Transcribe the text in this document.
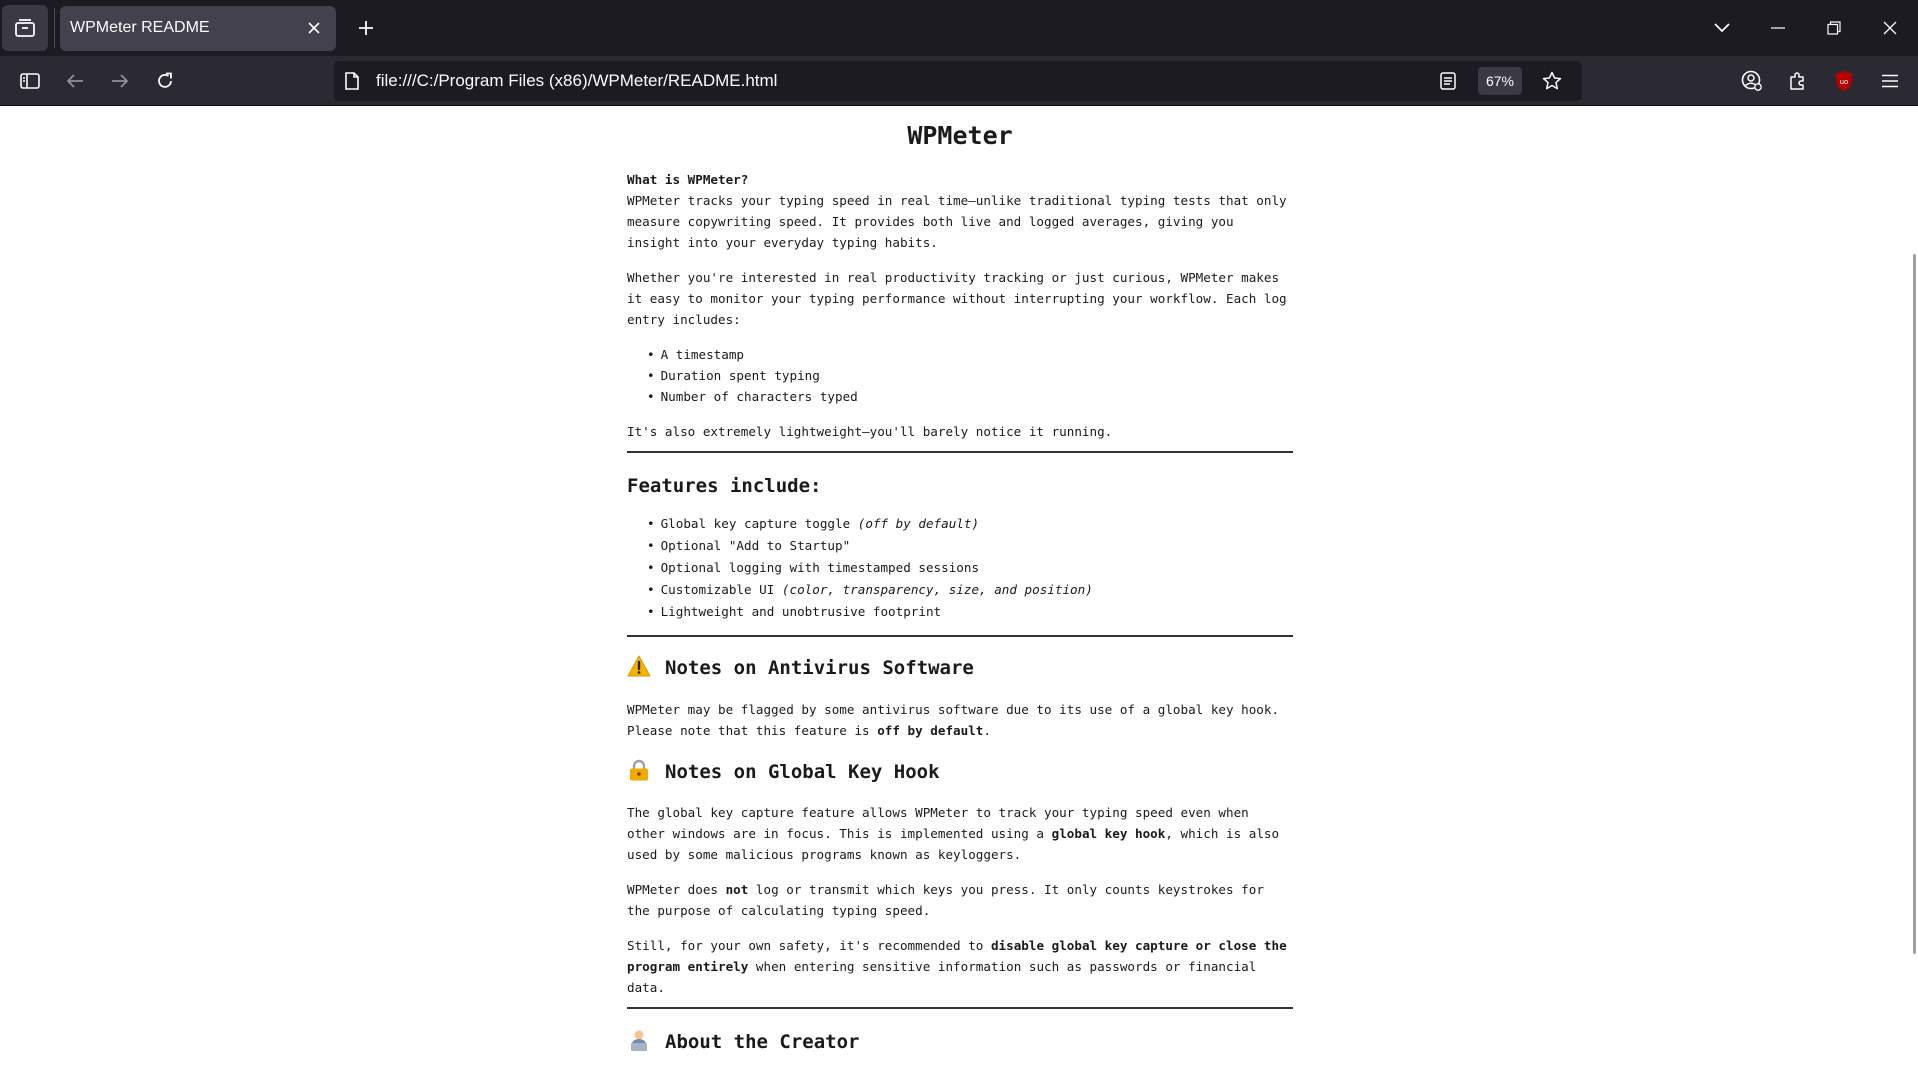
WPMeter README
file:///C:/Program Files (x86)/WPMeter/README.html	67%	uo
WPMeter

What is WPMeter?

WPMeter tracks your typing speed in real time—unlike traditional typing tests that only measure copywriting speed. It provides both live and logged averages, giving you insight into your everyday typing habits.

Whether you're interested in real productivity tracking or just curious, WPMeter makes it easy to monitor your typing performance without interrupting your workflow. Each log entry includes:

• A timestamp
• Duration spent typing
• Number of characters typed

It's also extremely lightweight—you'll barely notice it running.

Features include:
• Global key capture toggle (off by default)
• Optional "Add to Startup"
• Optional logging with timestamped sessions
• Customizable UI (color, transparency, size, and position)
• Lightweight and unobtrusive footprint
Notes on Antivirus Software

WPMeter may be flagged by some antivirus software due to its use of a global key hook. Please note that this feature is off by default.

Notes on Global Key Hook

The global key capture feature allows WPMeter to track your typing speed even when other windows are in focus. This is implemented using a global key hook, which is also used by some malicious programs known as keyloggers.

WPMeter does not log or transmit which keys you press. It only counts keystrokes for the purpose of calculating typing speed.

Still, for your own safety, it's recommended to disable global key capture or close the program entirely when entering sensitive information such as passwords or financial data.

About the Creator
